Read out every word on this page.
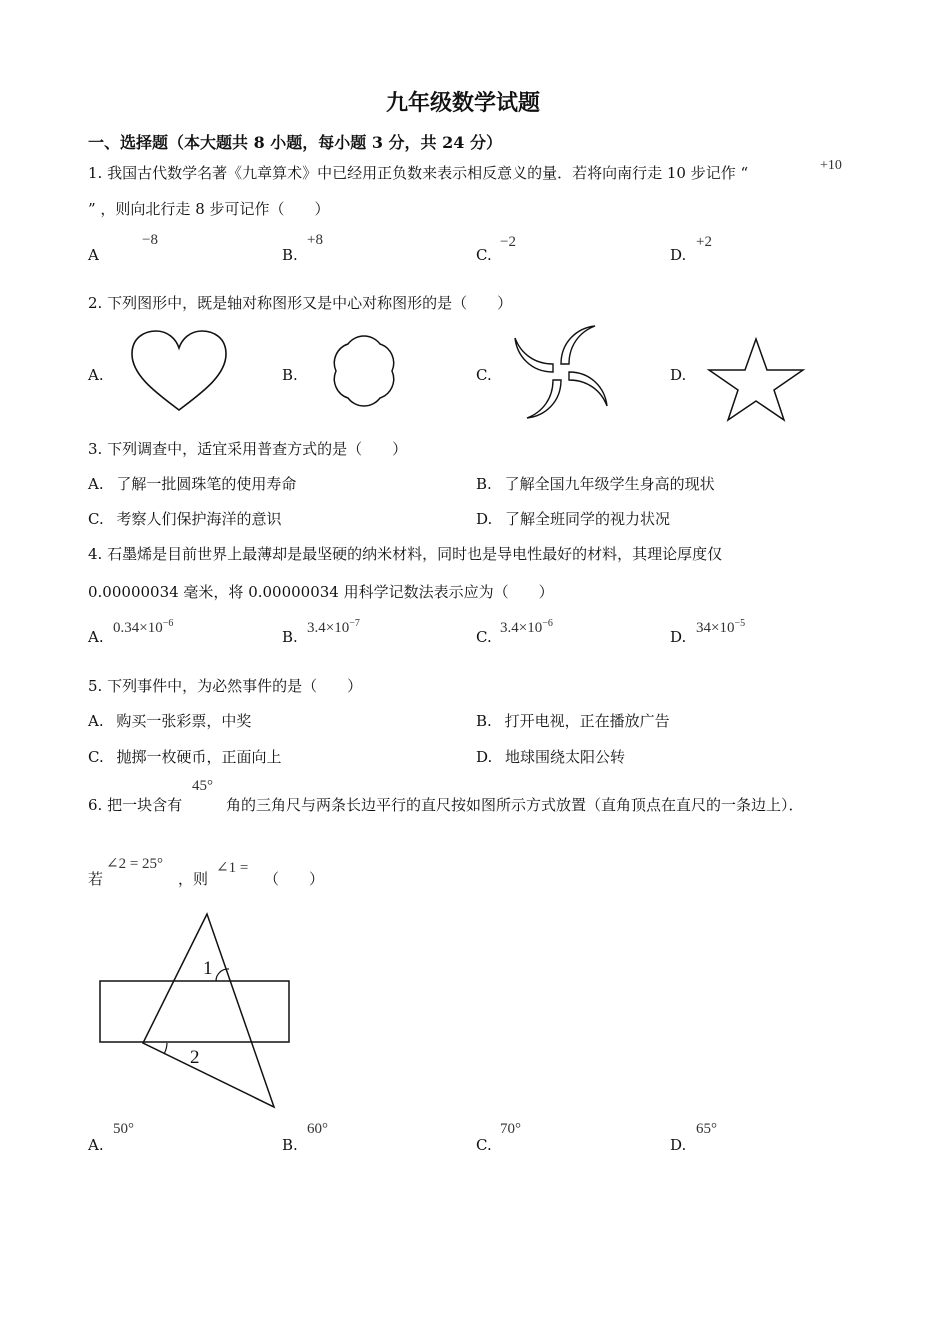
九年级数学试题
一、选择题（本大题共 8 小题，每小题 3 分，共 24 分）
1. 我国古代数学名著《九章算术》中已经用正负数来表示相反意义的量．若将向南行走 10 步记作 “	+10
” ，则向北行走 8 步可记作（　　）
A
−8
B.
+8
C.
−2
D.
+2
2. 下列图形中，既是轴对称图形又是中心对称图形的是（　　）
A.	B.	C.	D.
3. 下列调查中，适宜采用普查方式的是（　　）
A. 了解一批圆珠笔的使用寿命	B. 了解全国九年级学生身高的现状
C. 考察人们保护海洋的意识	D. 了解全班同学的视力状况
4. 石墨烯是目前世界上最薄却是最坚硬的纳米材料，同时也是导电性最好的材料，其理论厚度仅
0.00000034 毫米，将 0.00000034 用科学记数法表示应为（　　）
A. $0.34\times 10^{-6}$
B. $3.4\times 10^{-7}$
C. $3.4\times 10^{-6}$
D. $34\times 10^{-5}$
5. 下列事件中，为必然事件的是（　　）
A. 购买一张彩票，中奖	B. 打开电视，正在播放广告
C. 抛掷一枚硬币，正面向上	D. 地球围绕太阳公转
6. 把一块含有
45°
角的三角尺与两条长边平行的直尺按如图所示方式放置（直角顶点在直尺的一条边上）．
若
∠2 = 25°
，则
∠1 =
（　　）
1
2
A.
50°
B.
60°
C.
70°
D.
65°
